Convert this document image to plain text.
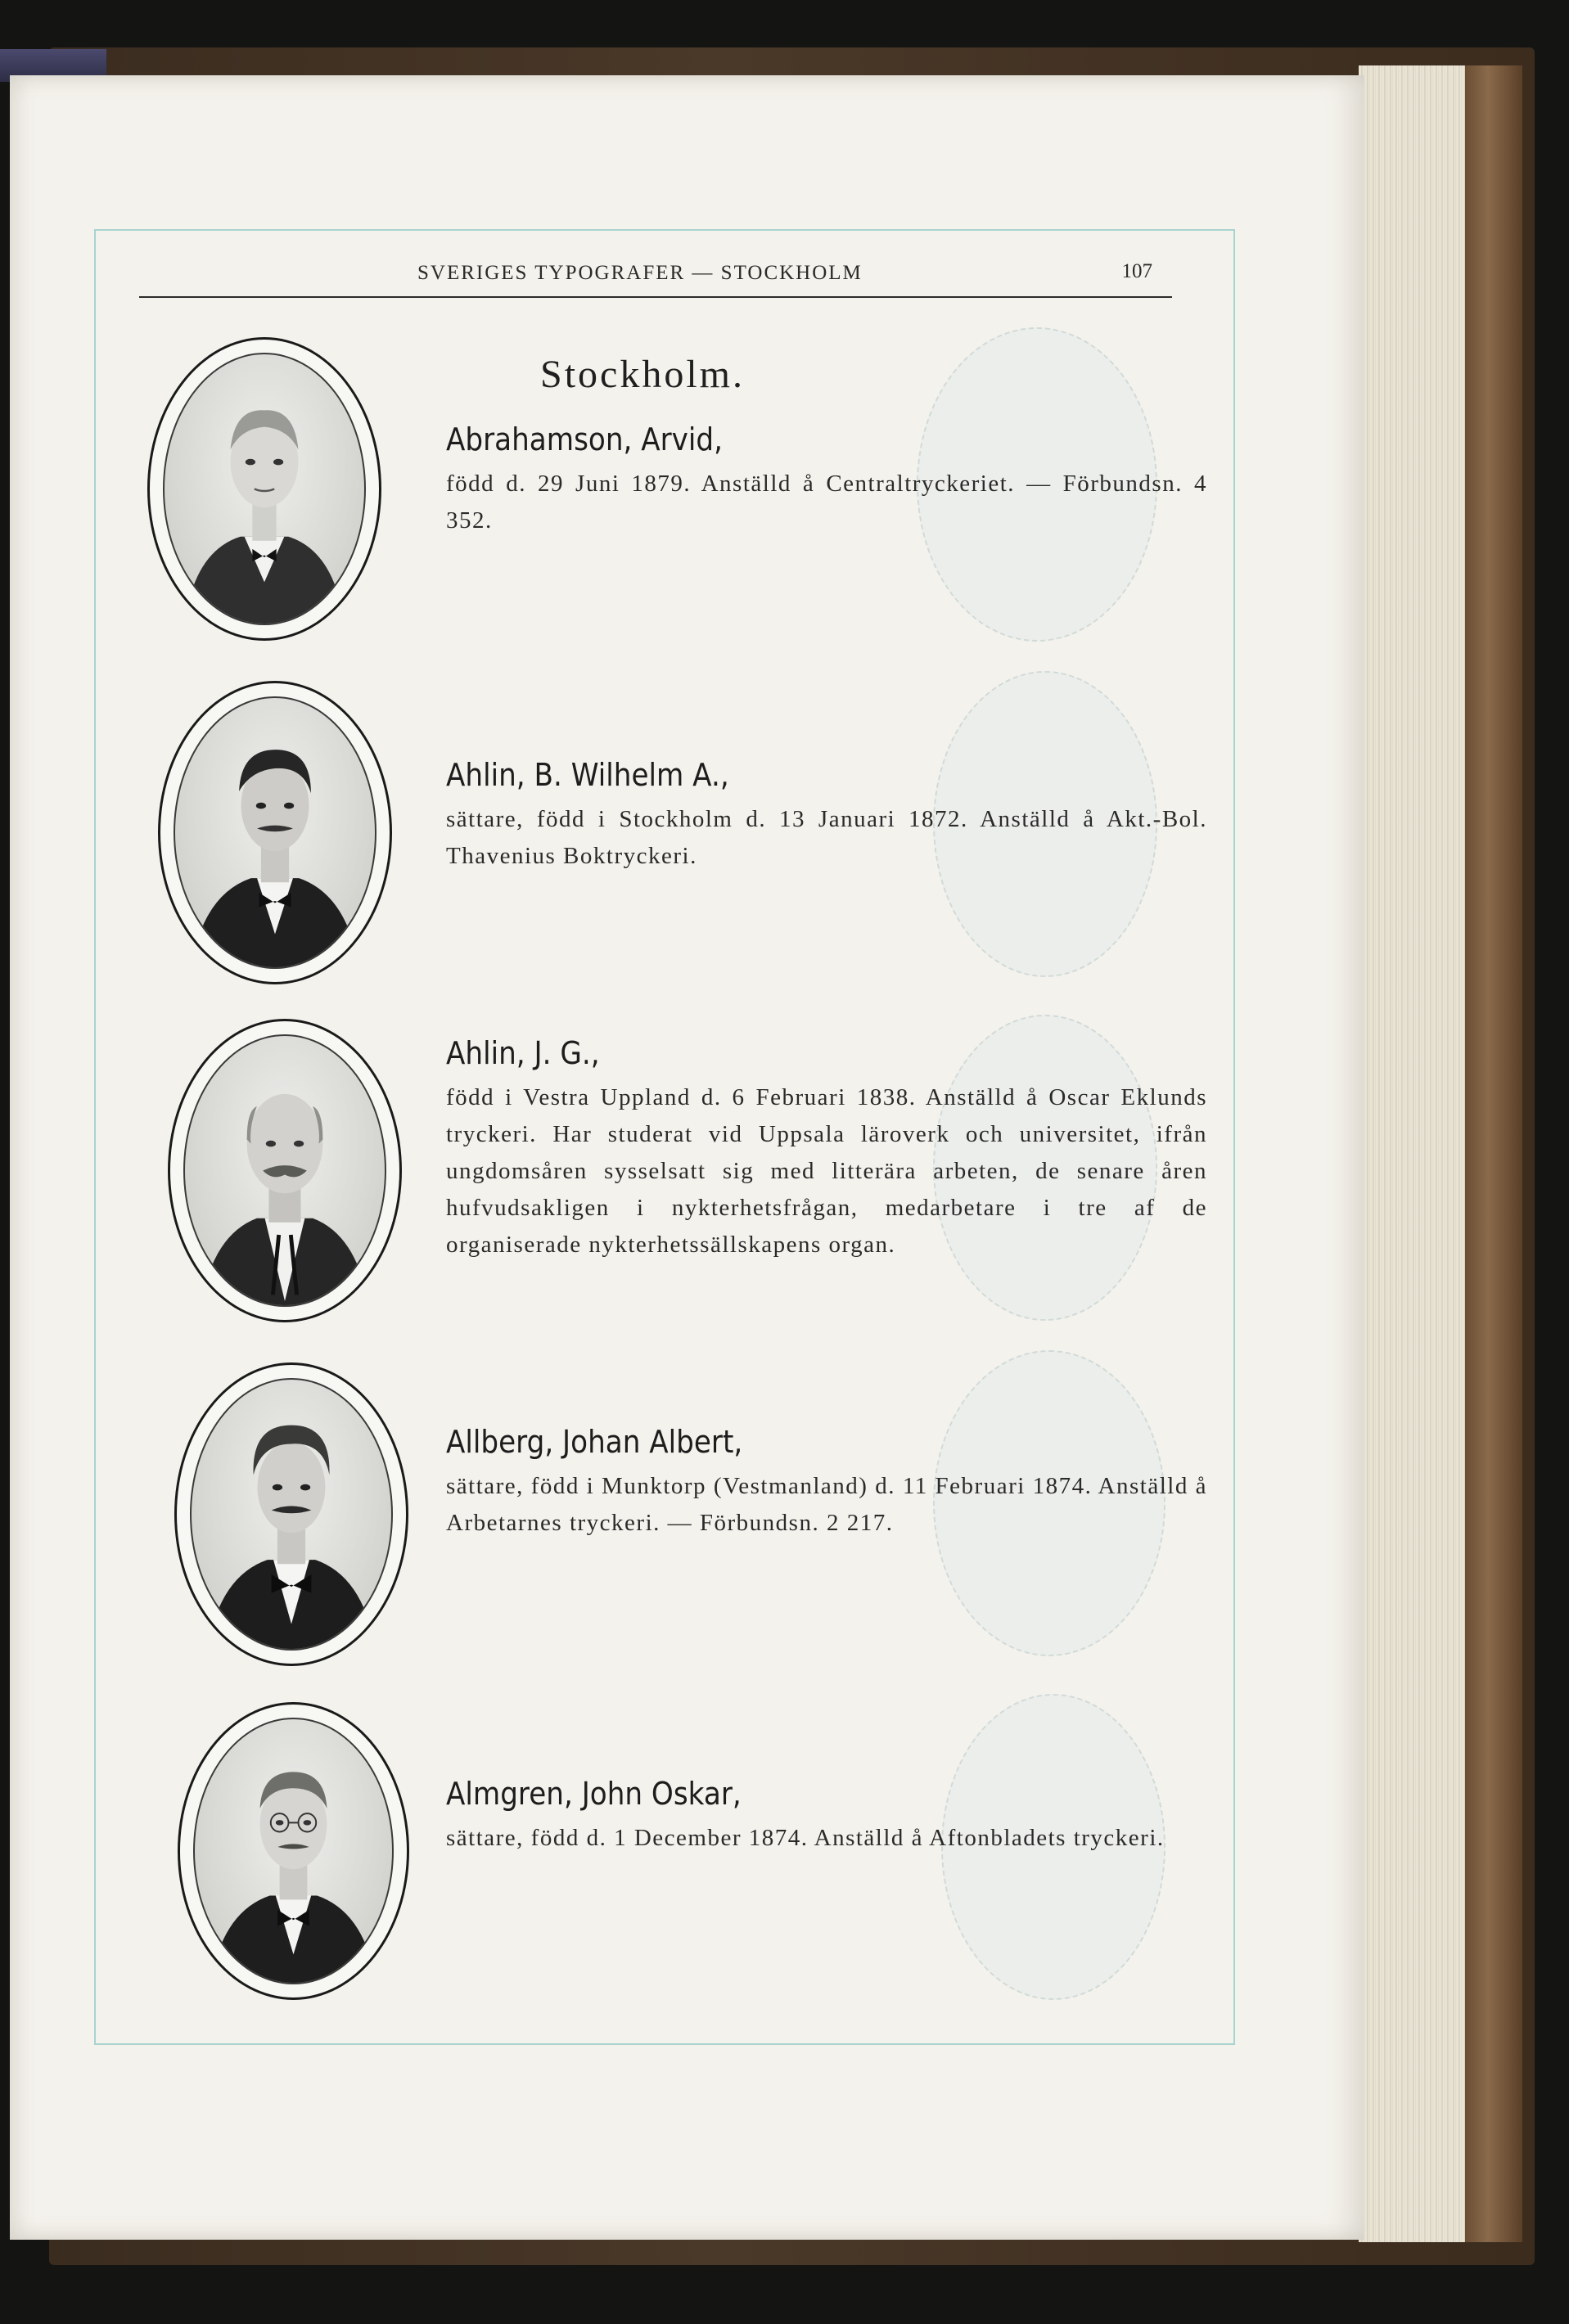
SVERIGES TYPOGRAFER — STOCKHOLM	107
Stockholm.
Abrahamson, Arvid,
född d. 29 Juni 1879. Anställd å Centraltryckeriet. — Förbundsn. 4 352.
Ahlin, B. Wilhelm A.,
sättare, född i Stockholm d. 13 Januari 1872. Anställd å Akt.-Bol. Thavenius Boktryckeri.
Ahlin, J. G.,
född i Vestra Uppland d. 6 Februari 1838. Anställd å Oscar Eklunds tryckeri. Har studerat vid Uppsala läroverk och universitet, ifrån ungdomsåren sysselsatt sig med litterära arbeten, de senare åren hufvudsakligen i nykterhetsfrågan, medarbetare i tre af de organiserade nykterhetssällskapens organ.
Allberg, Johan Albert,
sättare, född i Munktorp (Vestmanland) d. 11 Februari 1874. Anställd å Arbetarnes tryckeri. — Förbundsn. 2 217.
Almgren, John Oskar,
sättare, född d. 1 December 1874. Anställd å Aftonbladets tryckeri.
